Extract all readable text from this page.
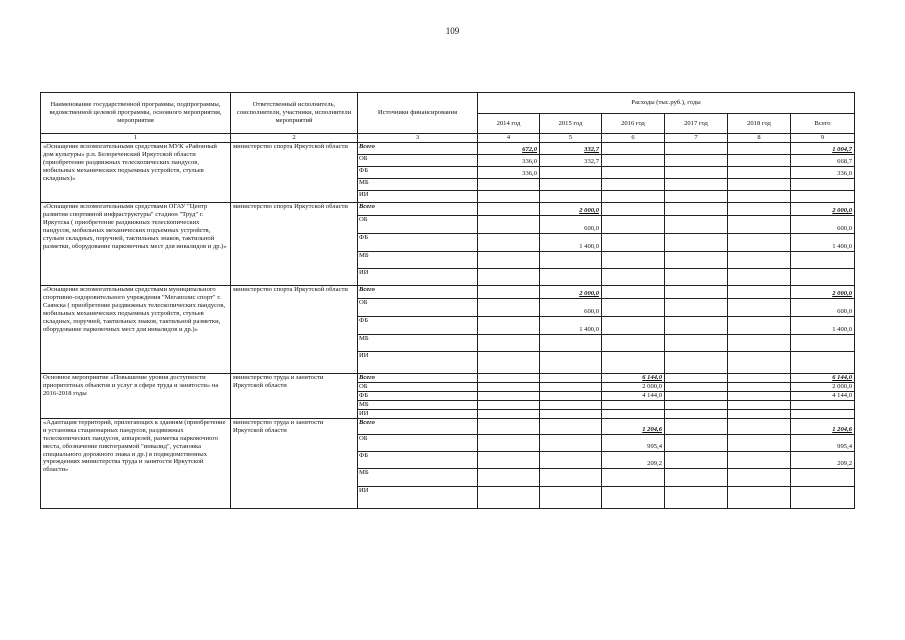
109
Наименование государственной программы, подпрограммы, ведомственной целевой программы, основного мероприятия, мероприятия	Ответственный исполнитель, соисполнители, участники, исполнители мероприятий	Источники финансирования	Расходы (тыс.руб.), годы					
			2014 год	2015 год	2016 год	2017 год	2018 год	Всего
1	2	3	4	5	6	7	8	9
«Оснащение вспомогательными средствами МУК «Районный дом культуры» р.п. Белореченский Иркутской области (приобретение раздвижных телескопических пандусов, мобильных механических подъемных устройств, стульев складных)»	министерство спорта Иркутской области	Всего	672,0	332,7				1 004,7
		ОБ	336,0	332,7				668,7
		ФБ	336,0					336,0
		МБ						
		ИИ						
«Оснащение вспомогательными средствами ОГАУ "Центр развития спортивной инфраструктуры" стадион "Труд" г. Иркутска ( приобретение раздвижных телескопических пандусов, мобильных механических подъемных устройств, стульев складных, поручней, тактильных знаков, тактильной разметки, оборудование парковочных мест для инвалидов и др.)»	министерство спорта Иркутской области	Всего		2 000,0				2 000,0
		ОБ		600,0				600,0
		ФБ		1 400,0				1 400,0
		МБ						
		ИИ						
«Оснащение вспомогательными средствами муниципального спортивно-оздоровительного учреждения "Мегаполис спорт" г. Саянска ( приобретение раздвижных телескопических пандусов, мобильных механических подъемных устройств, стульев складных, поручней, тактильных знаков, тактильной разметки, оборудование парковочных мест для инвалидов и др.)»	министерство спорта Иркутской области	Всего		2 000,0				2 000,0
		ОБ		600,0				600,0
		ФБ		1 400,0				1 400,0
		МБ						
		ИИ						
Основное мероприятие «Повышение уровня доступности приоритетных объектов и услуг в сфере труда и занятости» на 2016-2018 годы	министерство труда и занятости Иркутской области	Всего			6 144,0			6 144,0
		ОБ			2 000,0			2 000,0
		ФБ			4 144,0			4 144,0
		МБ						
		ИИ						
«Адаптация территорий, прилегающих к зданиям (приобретение и установка стационарных пандусов, раздвижных телескопических пандусов, аппарелей, разметка парковочного места, обозначение пиктограммой "инвалид", установка специального дорожного знака и др.) в подведомственных учреждениях министерства труда и занятости Иркутской области»	министерство труда и занятости Иркутской области	Всего			1 204,6			1 204,6
		ОБ			995,4			995,4
		ФБ			209,2			209,2
		МБ						
		ИИ						
